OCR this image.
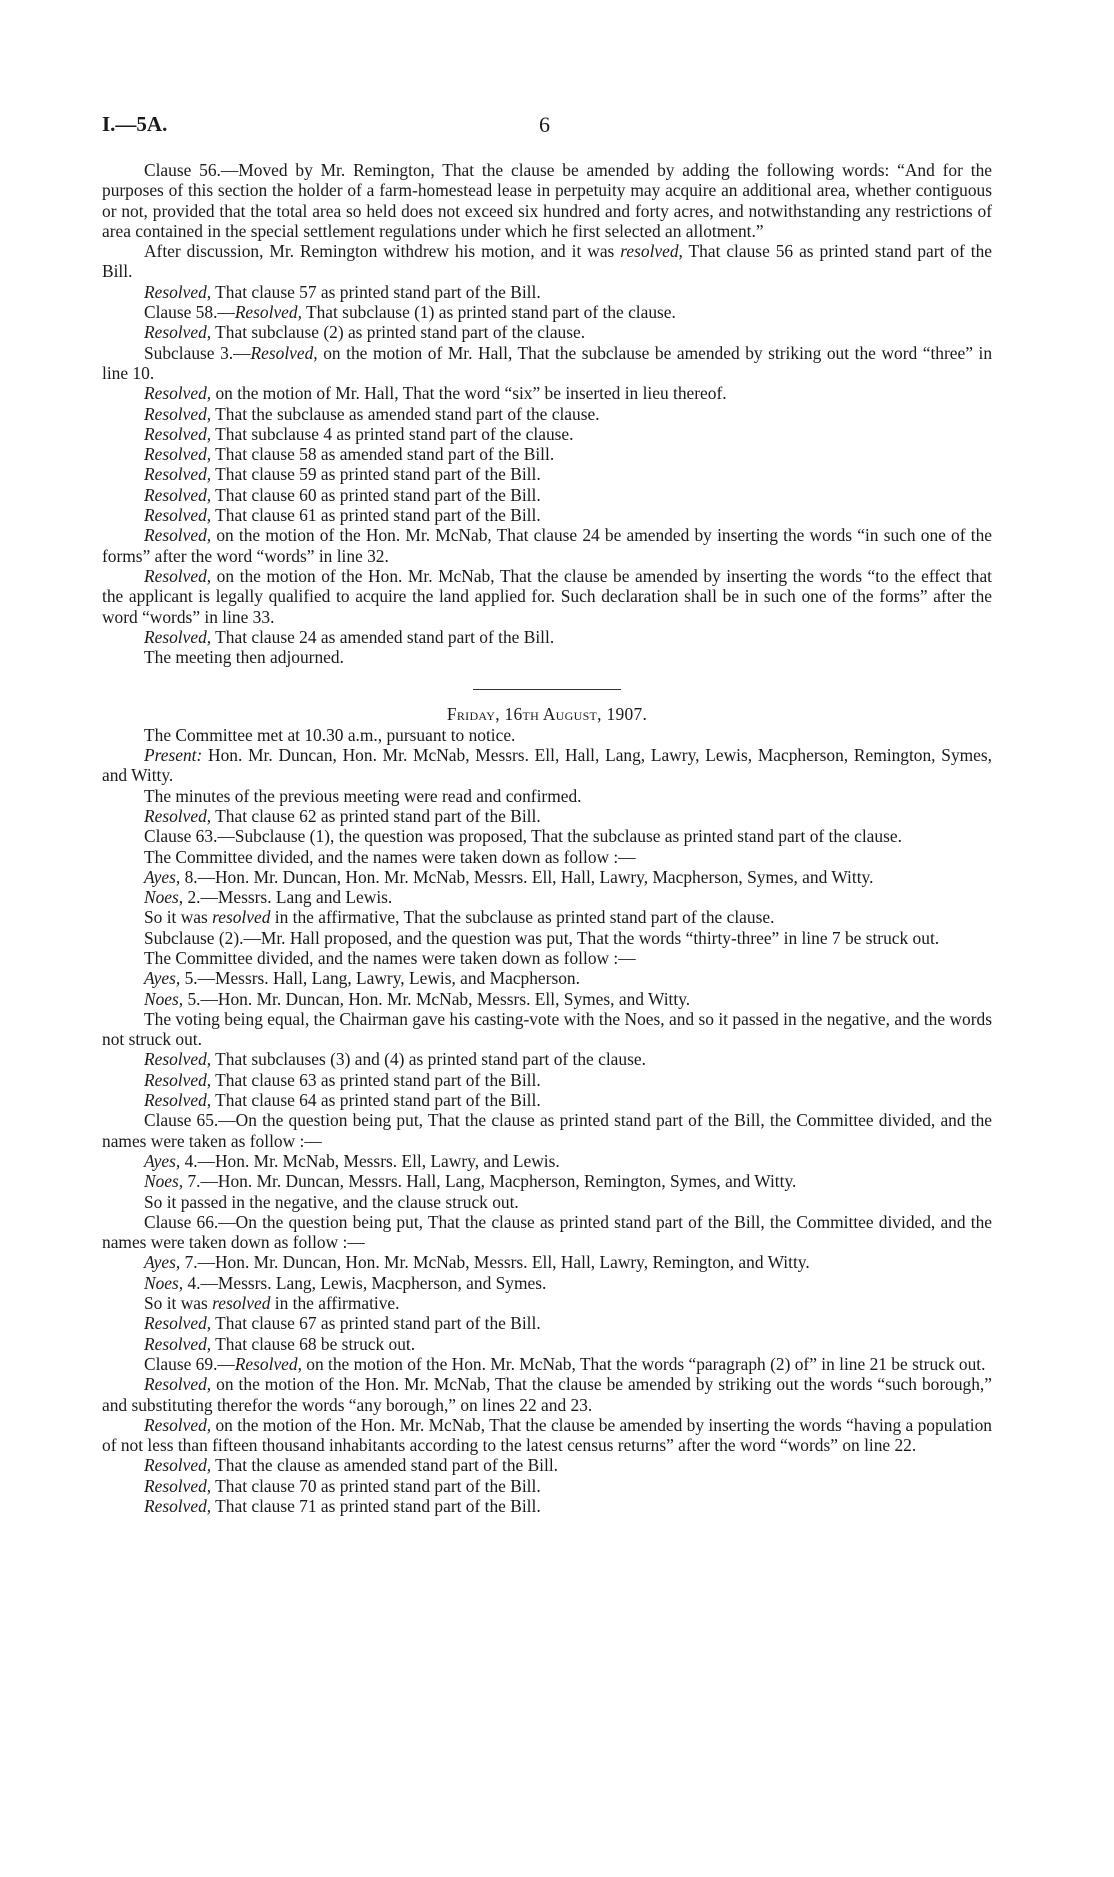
I.—5A.	6

Clause 56.—Moved by Mr. Remington, That the clause be amended by adding the following words: “And for the purposes of this section the holder of a farm-homestead lease in perpetuity may acquire an additional area, whether contiguous or not, provided that the total area so held does not exceed six hundred and forty acres, and notwithstanding any restrictions of area contained in the special settlement regulations under which he first selected an allotment.”

After discussion, Mr. Remington withdrew his motion, and it was resolved, That clause 56 as printed stand part of the Bill.

Resolved, That clause 57 as printed stand part of the Bill.

Clause 58.—Resolved, That subclause (1) as printed stand part of the clause.

Resolved, That subclause (2) as printed stand part of the clause.

Subclause 3.—Resolved, on the motion of Mr. Hall, That the subclause be amended by striking out the word “three” in line 10.

Resolved, on the motion of Mr. Hall, That the word “six” be inserted in lieu thereof.

Resolved, That the subclause as amended stand part of the clause.

Resolved, That subclause 4 as printed stand part of the clause.

Resolved, That clause 58 as amended stand part of the Bill.

Resolved, That clause 59 as printed stand part of the Bill.

Resolved, That clause 60 as printed stand part of the Bill.

Resolved, That clause 61 as printed stand part of the Bill.

Resolved, on the motion of the Hon. Mr. McNab, That clause 24 be amended by inserting the words “in such one of the forms” after the word “words” in line 32.

Resolved, on the motion of the Hon. Mr. McNab, That the clause be amended by inserting the words “to the effect that the applicant is legally qualified to acquire the land applied for. Such declaration shall be in such one of the forms” after the word “words” in line 33.

Resolved, That clause 24 as amended stand part of the Bill.

The meeting then adjourned.

Friday, 16th August, 1907.

The Committee met at 10.30 a.m., pursuant to notice.

Present: Hon. Mr. Duncan, Hon. Mr. McNab, Messrs. Ell, Hall, Lang, Lawry, Lewis, Macpherson, Remington, Symes, and Witty.

The minutes of the previous meeting were read and confirmed.

Resolved, That clause 62 as printed stand part of the Bill.

Clause 63.—Subclause (1), the question was proposed, That the subclause as printed stand part of the clause.

The Committee divided, and the names were taken down as follow :—

Ayes, 8.—Hon. Mr. Duncan, Hon. Mr. McNab, Messrs. Ell, Hall, Lawry, Macpherson, Symes, and Witty.

Noes, 2.—Messrs. Lang and Lewis.

So it was resolved in the affirmative, That the subclause as printed stand part of the clause.

Subclause (2).—Mr. Hall proposed, and the question was put, That the words “thirty-three” in line 7 be struck out.

The Committee divided, and the names were taken down as follow :—

Ayes, 5.—Messrs. Hall, Lang, Lawry, Lewis, and Macpherson.

Noes, 5.—Hon. Mr. Duncan, Hon. Mr. McNab, Messrs. Ell, Symes, and Witty.

The voting being equal, the Chairman gave his casting-vote with the Noes, and so it passed in the negative, and the words not struck out.

Resolved, That subclauses (3) and (4) as printed stand part of the clause.

Resolved, That clause 63 as printed stand part of the Bill.

Resolved, That clause 64 as printed stand part of the Bill.

Clause 65.—On the question being put, That the clause as printed stand part of the Bill, the Committee divided, and the names were taken as follow :—

Ayes, 4.—Hon. Mr. McNab, Messrs. Ell, Lawry, and Lewis.

Noes, 7.—Hon. Mr. Duncan, Messrs. Hall, Lang, Macpherson, Remington, Symes, and Witty.

So it passed in the negative, and the clause struck out.

Clause 66.—On the question being put, That the clause as printed stand part of the Bill, the Committee divided, and the names were taken down as follow :—

Ayes, 7.—Hon. Mr. Duncan, Hon. Mr. McNab, Messrs. Ell, Hall, Lawry, Remington, and Witty.

Noes, 4.—Messrs. Lang, Lewis, Macpherson, and Symes.

So it was resolved in the affirmative.

Resolved, That clause 67 as printed stand part of the Bill.

Resolved, That clause 68 be struck out.

Clause 69.—Resolved, on the motion of the Hon. Mr. McNab, That the words “paragraph (2) of” in line 21 be struck out.

Resolved, on the motion of the Hon. Mr. McNab, That the clause be amended by striking out the words “such borough,” and substituting therefor the words “any borough,” on lines 22 and 23.

Resolved, on the motion of the Hon. Mr. McNab, That the clause be amended by inserting the words “having a population of not less than fifteen thousand inhabitants according to the latest census returns” after the word “words” on line 22.

Resolved, That the clause as amended stand part of the Bill.

Resolved, That clause 70 as printed stand part of the Bill.

Resolved, That clause 71 as printed stand part of the Bill.
